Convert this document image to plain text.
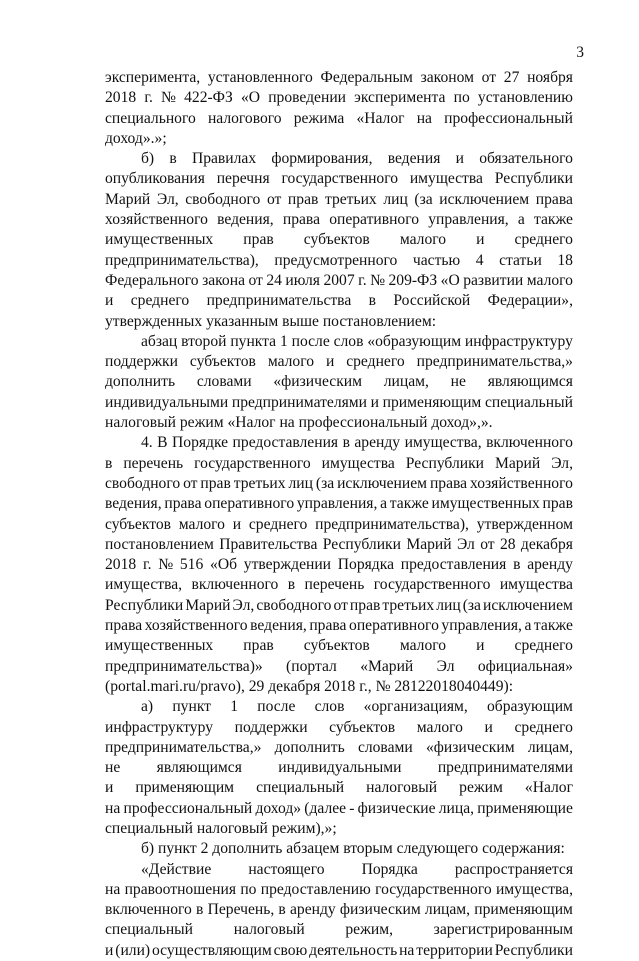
3
эксперимента, установленного Федеральным законом от 27 ноября
2018 г. № 422-ФЗ «О проведении эксперимента по установлению
специального налогового режима «Налог на профессиональный
доход».»;
б) в Правилах формирования, ведения и обязательного
опубликования перечня государственного имущества Республики
Марий Эл, свободного от прав третьих лиц (за исключением права
хозяйственного ведения, права оперативного управления, а также
имущественных прав субъектов малого и среднего
предпринимательства), предусмотренного частью 4 статьи 18
Федерального закона от 24 июля 2007 г. № 209-ФЗ «О развитии малого
и среднего предпринимательства в Российской Федерации»,
утвержденных указанным выше постановлением:
абзац второй пункта 1 после слов «образующим инфраструктуру
поддержки субъектов малого и среднего предпринимательства,»
дополнить словами «физическим лицам, не являющимся
индивидуальными предпринимателями и применяющим специальный
налоговый режим «Налог на профессиональный доход»,».
4. В Порядке предоставления в аренду имущества, включенного
в перечень государственного имущества Республики Марий Эл,
свободного от прав третьих лиц (за исключением права хозяйственного
ведения, права оперативного управления, а также имущественных прав
субъектов малого и среднего предпринимательства), утвержденном
постановлением Правительства Республики Марий Эл от 28 декабря
2018 г. № 516 «Об утверждении Порядка предоставления в аренду
имущества, включенного в перечень государственного имущества
Республики Марий Эл, свободного от прав третьих лиц (за исключением
права хозяйственного ведения, права оперативного управления, а также
имущественных прав субъектов малого и среднего
предпринимательства)» (портал «Марий Эл официальная»
(portal.mari.ru/pravo), 29 декабря 2018 г., № 28122018040449):
а) пункт 1 после слов «организациям, образующим
инфраструктуру поддержки субъектов малого и среднего
предпринимательства,» дополнить словами «физическим лицам,
не являющимся индивидуальными предпринимателями
и применяющим специальный налоговый режим «Налог
на профессиональный доход» (далее - физические лица, применяющие
специальный налоговый режим),»;
б) пункт 2 дополнить абзацем вторым следующего содержания:
«Действие настоящего Порядка распространяется
на правоотношения по предоставлению государственного имущества,
включенного в Перечень, в аренду физическим лицам, применяющим
специальный	налоговый	режим,	зарегистрированным
и (или) осуществляющим свою деятельность на территории Республики
